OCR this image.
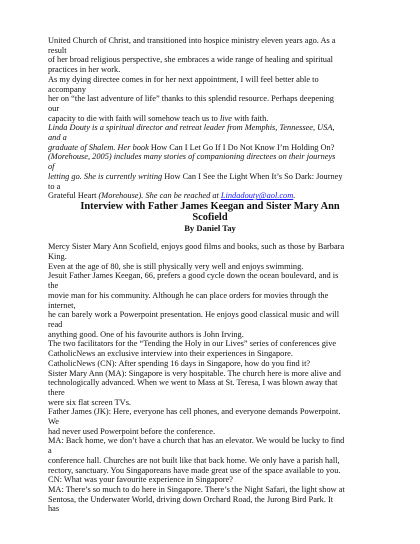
United Church of Christ, and transitioned into hospice ministry eleven years ago. As a
result
of her broad religious perspective, she embraces a wide range of healing and spiritual
practices in her work.
As my dying directee comes in for her next appointment, I will feel better able to
accompany
her on “the last adventure of life” thanks to this splendid resource. Perhaps deepening
our
capacity to die with faith will somehow teach us to live with faith.
Linda Douty is a spiritual director and retreat leader from Memphis, Tennessee, USA,
and a
graduate of Shalem. Her book How Can I Let Go If I Do Not Know I’m Holding On?
(Morehouse, 2005) includes many stories of companioning directees on their journeys
of
letting go. She is currently writing How Can I See the Light When It’s So Dark: Journey
to a
Grateful Heart (Morehouse). She can be reached at Lindadouty@aol.com.
Interview with Father James Keegan and Sister Mary Ann
Scofield
By Daniel Tay
Mercy Sister Mary Ann Scofield, enjoys good films and books, such as those by Barbara
King.
Even at the age of 80, she is still physically very well and enjoys swimming.
Jesuit Father James Keegan, 66, prefers a good cycle down the ocean boulevard, and is
the
movie man for his community. Although he can place orders for movies through the
internet,
he can barely work a Powerpoint presentation. He enjoys good classical music and will
read
anything good. One of his favourite authors is John Irving.
The two facilitators for the “Tending the Holy in our Lives” series of conferences give
CatholicNews an exclusive interview into their experiences in Singapore.
CatholicNews (CN): After spending 16 days in Singapore, how do you find it?
Sister Mary Ann (MA): Singapore is very hospitable. The church here is more alive and
technologically advanced. When we went to Mass at St. Teresa, I was blown away that
there
were six flat screen TVs.
Father James (JK): Here, everyone has cell phones, and everyone demands Powerpoint.
We
had never used Powerpoint before the conference.
MA: Back home, we don’t have a church that has an elevator. We would be lucky to find
a
conference hall. Churches are not built like that back home. We only have a parish hall,
rectory, sanctuary. You Singaporeans have made great use of the space available to you.
CN: What was your favourite experience in Singapore?
MA: There’s so much to do here in Singapore. There’s the Night Safari, the light show at
Sentosa, the Underwater World, driving down Orchard Road, the Jurong Bird Park. It
has
